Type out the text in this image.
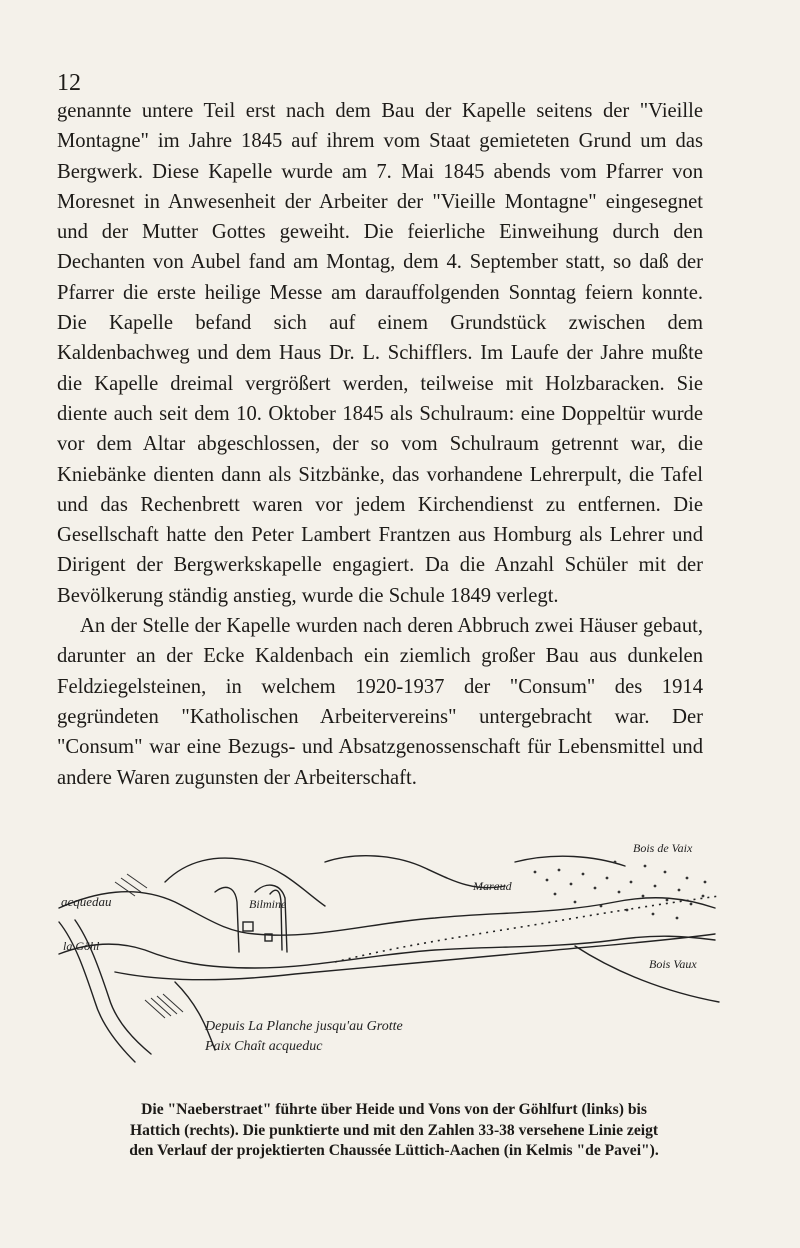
12

genannte untere Teil erst nach dem Bau der Kapelle seitens der "Vieille Montagne" im Jahre 1845 auf ihrem vom Staat gemieteten Grund um das Bergwerk. Diese Kapelle wurde am 7. Mai 1845 abends vom Pfarrer von Moresnet in Anwesenheit der Arbeiter der "Vieille Montagne" eingesegnet und der Mutter Gottes geweiht. Die feierliche Einweihung durch den Dechanten von Aubel fand am Montag, dem 4. September statt, so daß der Pfarrer die erste heilige Messe am darauffolgenden Sonntag feiern konnte. Die Kapelle befand sich auf einem Grundstück zwischen dem Kaldenbachweg und dem Haus Dr. L. Schifflers. Im Laufe der Jahre mußte die Kapelle dreimal vergrößert werden, teilweise mit Holzbaracken. Sie diente auch seit dem 10. Oktober 1845 als Schulraum: eine Doppeltür wurde vor dem Altar abgeschlossen, der so vom Schulraum getrennt war, die Kniebänke dienten dann als Sitzbänke, das vorhandene Lehrerpult, die Tafel und das Rechenbrett waren vor jedem Kirchendienst zu entfernen. Die Gesellschaft hatte den Peter Lambert Frantzen aus Homburg als Lehrer und Dirigent der Bergwerkskapelle engagiert. Da die Anzahl Schüler mit der Bevölkerung ständig anstieg, wurde die Schule 1849 verlegt.

An der Stelle der Kapelle wurden nach deren Abbruch zwei Häuser gebaut, darunter an der Ecke Kaldenbach ein ziemlich großer Bau aus dunkelen Feldziegelsteinen, in welchem 1920-1937 der "Consum" des 1914 gegründeten "Katholischen Arbeitervereins" untergebracht war. Der "Consum" war eine Bezugs- und Absatzgenossenschaft für Lebensmittel und andere Waren zugunsten der Arbeiterschaft.

acquedau
la Göhl
Bilmine
Maraud
Bois de Vaix
Bois Vaux
Depuis La Planche jusqu'au Grotte
Paix Chaît acqueduc
Die "Naeberstraet" führte über Heide und Vons von der Göhlfurt (links) bis
Hattich (rechts). Die punktierte und mit den Zahlen 33-38 versehene Linie zeigt
den Verlauf der projektierten Chaussée Lüttich-Aachen (in Kelmis "de Pavei").
